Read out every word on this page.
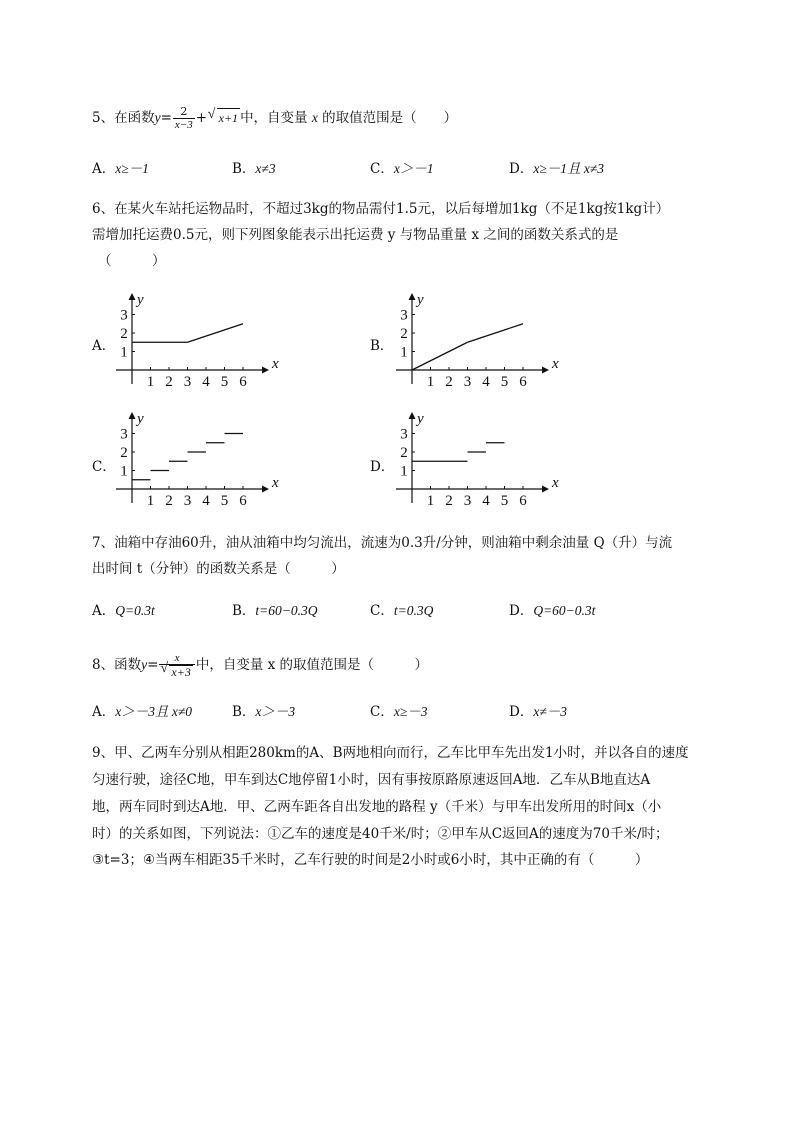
5、在函数$y= \frac{2}{x-3}$ +  √ x+1 中，自变量 x 的取值范围是（　　）
A．x≥－1	B．x≠3	C．x＞－1	D．x≥－1且 x≠3
6、在某火车站托运物品时，不超过3kg的物品需付1.5元，以后每增加1kg（不足1kg按1kg计）
需增加托运费0.5元，则下列图象能表示出托运费 y 与物品重量 x 之间的函数关系式的是
（　　　）
A．	B．
C．	D．
1 2 3 4 5 6
1
2
3
x
y
1 2 3 4 5 6
1
2
3
x
y
1 2 3 4 5 6
1
2
3
x
y
1 2 3 4 5 6
1
2
3
x
y
7、油箱中存油60升，油从油箱中均匀流出，流速为0.3升/分钟，则油箱中剩余油量 Q（升）与流
出时间 t（分钟）的函数关系是（　　　）
A．Q=0.3t	B．t=60−0.3Q	C．t=0.3Q	D．Q=60−0.3t
8、函数y= x
√ x+3 中，自变量 x 的取值范围是（　　　）
A．x＞－3且 x≠0	B．x＞－3	C．x≥－3	D．x≠－3
9、甲、乙两车分别从相距280km的A、B两地相向而行，乙车比甲车先出发1小时，并以各自的速度
匀速行驶，途径C地，甲车到达C地停留1小时，因有事按原路原速返回A地．乙车从B地直达A
地，两车同时到达A地．甲、乙两车距各自出发地的路程 y（千米）与甲车出发所用的时间x（小
时）的关系如图，下列说法：①乙车的速度是40千米/时；②甲车从C返回A的速度为70千米/时；
③t=3；④当两车相距35千米时，乙车行驶的时间是2小时或6小时，其中正确的有（　　　）
